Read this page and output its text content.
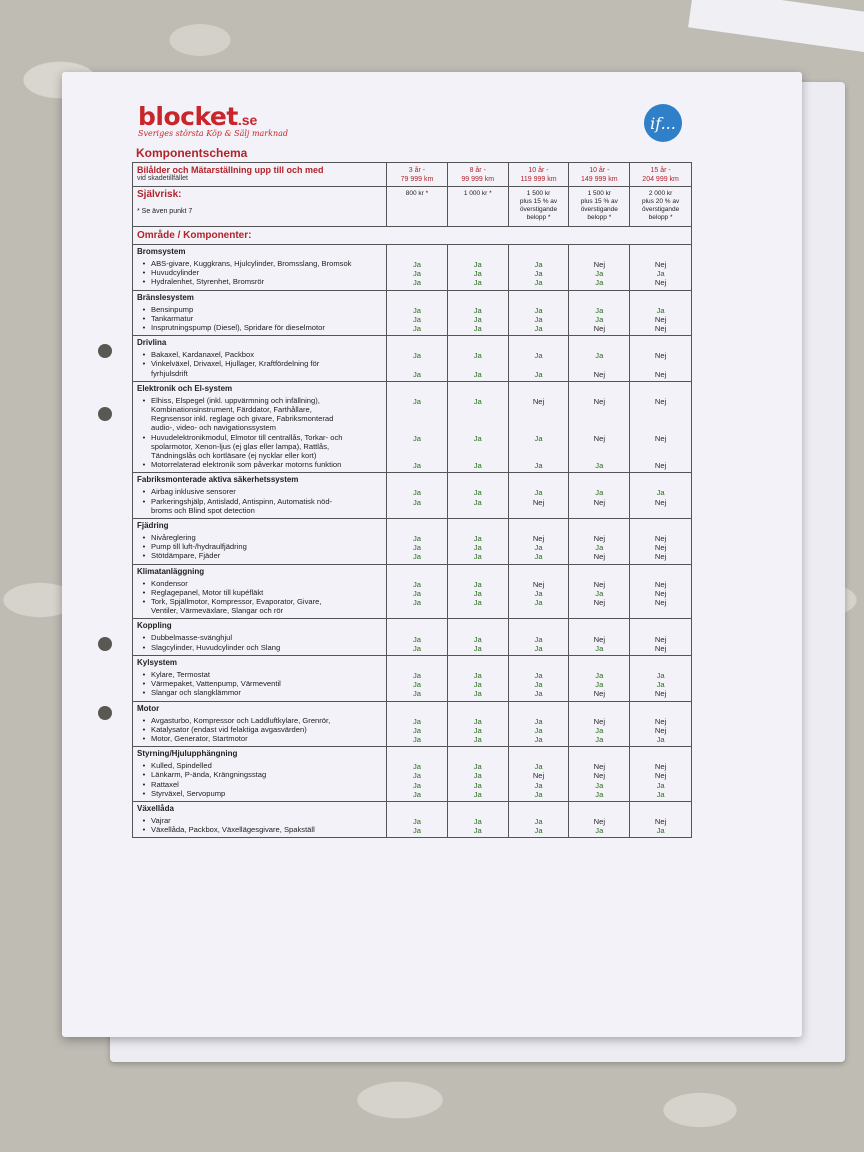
blocket.se
Sveriges största Köp & Sälj marknad
if...
Komponentschema
Bilålder och Mätarställning upp till och med
vid skadetillfället
3 år -
79 999 km
8 år -
99 999 km
10 år -
119 999 km
10 år -
149 999 km
15 år -
204 999 km
Självrisk:
* Se även punkt 7
800 kr *	1 000 kr *	1 500 kr
plus 15 % av
överstigande
belopp *
1 500 kr
plus 15 % av
överstigande
belopp *
2 000 kr
plus 20 % av
överstigande
belopp *
Område / Komponenter:
Bromsystem
• ABS-givare, Kuggkrans, Hjulcylinder, Bromsslang, Bromsok
• Huvudcylinder
• Hydralenhet, Styrenhet, Bromsrör
Ja
Ja
Ja
Ja
Ja
Ja
Ja
Ja
Ja
Nej
Ja
Ja
Nej
Ja
Nej
Bränslesystem
• Bensinpump
• Tankarmatur
• Insprutningspump (Diesel), Spridare för dieselmotor
Ja
Ja
Ja
Ja
Ja
Ja
Ja
Ja
Ja
Ja
Ja
Nej
Ja
Nej
Nej
Drivlina
• Bakaxel, Kardanaxel, Packbox
• Vinkelväxel, Drivaxel, Hjullager, Kraftfördelning för
fyrhjulsdrift
Ja
Ja
Ja
Ja
Ja
Ja
Ja
Nej
Nej
Nej
Elektronik och El-system
• Elhiss, Elspegel (inkl. uppvärmning och infällning),
Kombinationsinstrument, Färddator, Farthållare,
Regnsensor inkl. reglage och givare, Fabriksmonterad
audio-, video- och navigationssystem
• Huvudelektronikmodul, Elmotor till centrallås, Torkar- och
spolarmotor, Xenon-ljus (ej glas eller lampa), Rattlås,
Tändningslås och kortläsare (ej nycklar eller kort)
• Motorrelaterad elektronik som påverkar motorns funktion
Ja
Ja
Ja
Ja
Ja
Ja
Nej
Ja
Ja
Nej
Nej
Ja
Nej
Nej
Nej
Fabriksmonterade aktiva säkerhetssystem
• Airbag inklusive sensorer
• Parkeringshjälp, Antisladd, Antispinn, Automatisk nöd-
broms och Blind spot detection
Ja
Ja
Ja
Ja
Ja
Nej
Ja
Nej
Ja
Nej
Fjädring
• Nivåreglering
• Pump till luft-/hydraulfjädring
• Stötdämpare, Fjäder
Ja
Ja
Ja
Ja
Ja
Ja
Nej
Ja
Ja
Nej
Ja
Nej
Nej
Nej
Nej
Klimatanläggning
• Kondensor
• Reglagepanel, Motor till kupéfläkt
• Tork, Spjällmotor, Kompressor, Evaporator, Givare,
Ventiler, Värmeväxlare, Slangar och rör
Ja
Ja
Ja
Ja
Ja
Ja
Nej
Ja
Ja
Nej
Ja
Nej
Nej
Nej
Nej
Koppling
• Dubbelmasse-svänghjul
• Slagcylinder, Huvudcylinder och Slang
Ja
Ja
Ja
Ja
Ja
Ja
Nej
Ja
Nej
Nej
Kylsystem
• Kylare, Termostat
• Värmepaket, Vattenpump, Värmeventil
• Slangar och slangklämmor
Ja
Ja
Ja
Ja
Ja
Ja
Ja
Ja
Ja
Ja
Ja
Nej
Ja
Ja
Nej
Motor
• Avgasturbo, Kompressor och Laddluftkylare, Grenrör,
• Katalysator (endast vid felaktiga avgasvärden)
• Motor, Generator, Startmotor
Ja
Ja
Ja
Ja
Ja
Ja
Ja
Ja
Ja
Nej
Ja
Ja
Nej
Nej
Ja
Styrning/Hjulupphängning
• Kulled, Spindelled
• Länkarm, P-ända, Krängningsstag
• Rattaxel
• Styrväxel, Servopump
Ja
Ja
Ja
Ja
Ja
Ja
Ja
Ja
Ja
Nej
Ja
Ja
Nej
Nej
Ja
Ja
Nej
Nej
Ja
Ja
Växellåda
• Vajrar
• Växellåda, Packbox, Växellägesgivare, Spakställ
Ja
Ja
Ja
Ja
Ja
Ja
Nej
Ja
Nej
Ja
